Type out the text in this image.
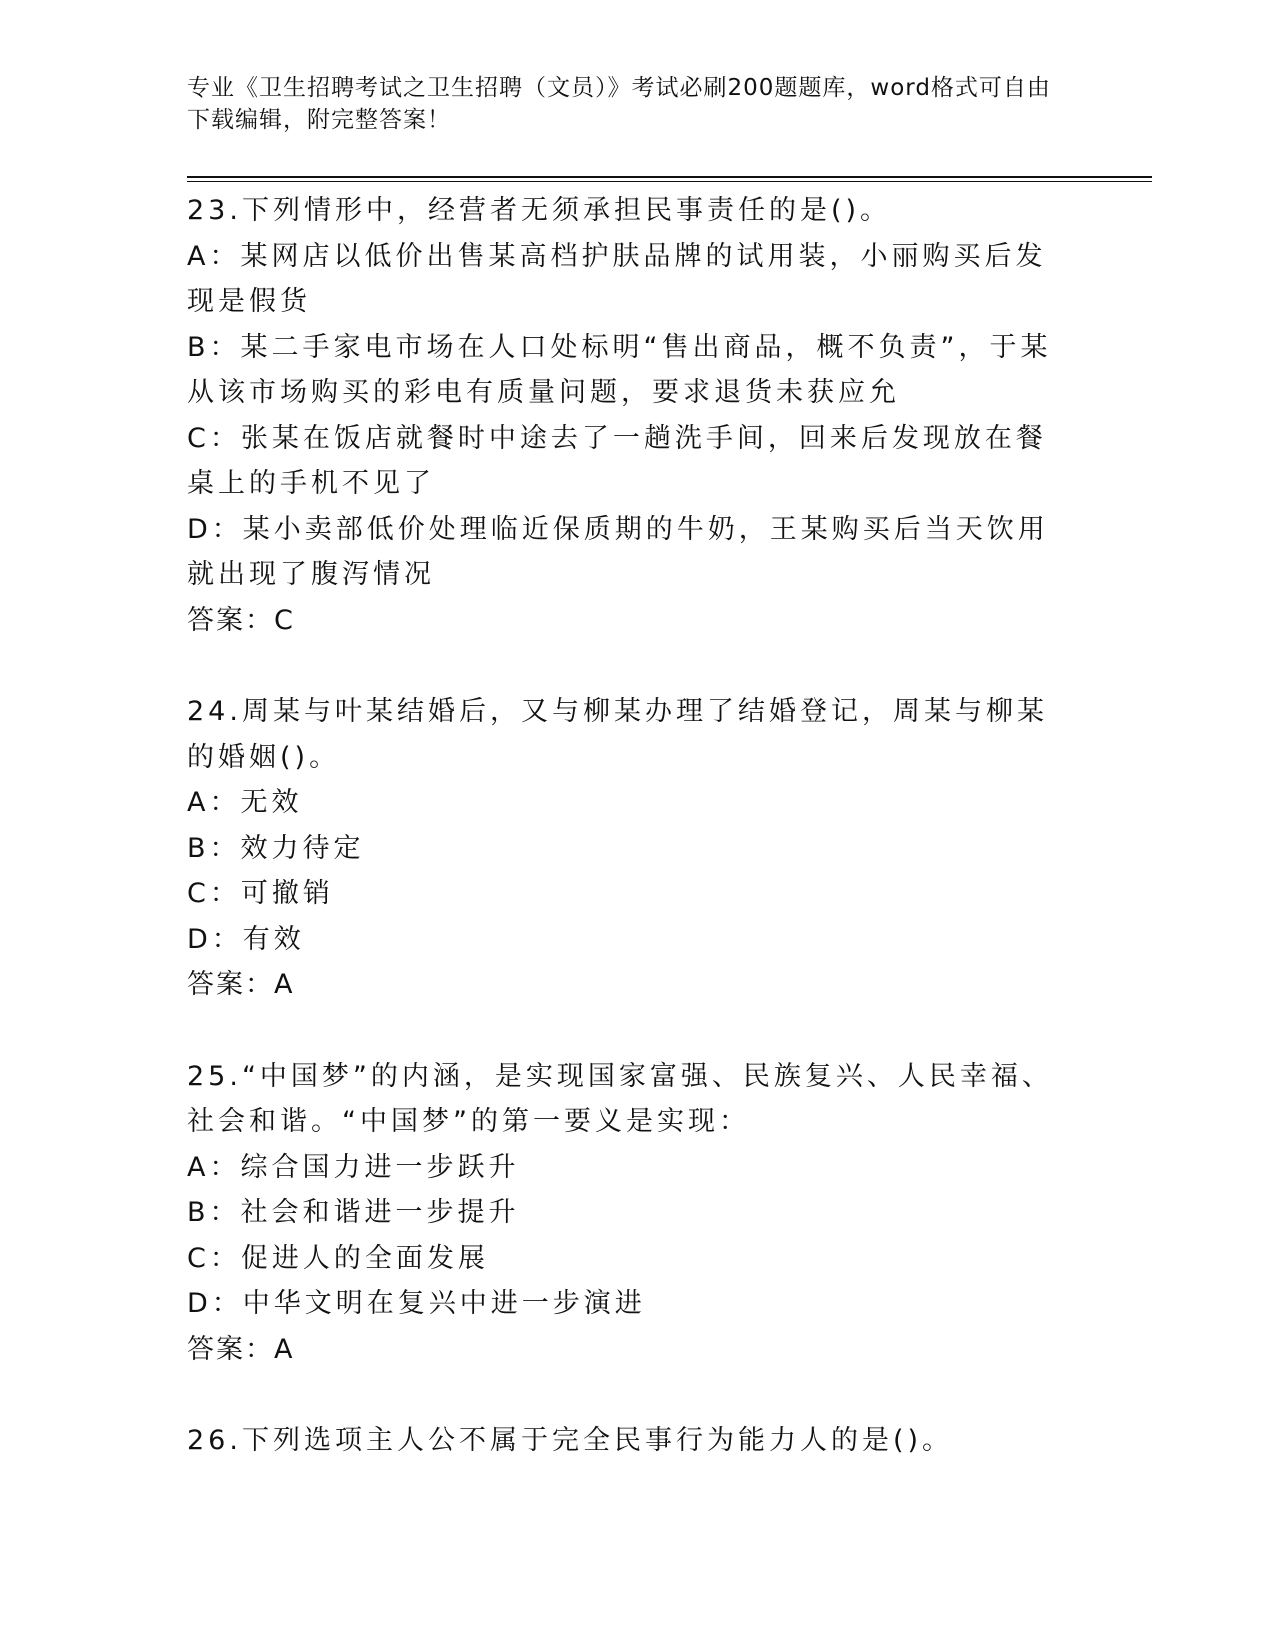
专业《卫生招聘考试之卫生招聘（文员）》考试必刷200题题库，word格式可自由下载编辑，附完整答案！

23.下列情形中，经营者无须承担民事责任的是()。

A：某网店以低价出售某高档护肤品牌的试用装，小丽购买后发现是假货

B：某二手家电市场在人口处标明“售出商品，概不负责”，于某从该市场购买的彩电有质量问题，要求退货未获应允

C：张某在饭店就餐时中途去了一趟洗手间，回来后发现放在餐桌上的手机不见了

D：某小卖部低价处理临近保质期的牛奶，王某购买后当天饮用就出现了腹泻情况

答案：C

24.周某与叶某结婚后，又与柳某办理了结婚登记，周某与柳某的婚姻()。

A：无效

B：效力待定

C：可撤销

D：有效

答案：A

25.“中国梦”的内涵，是实现国家富强、民族复兴、人民幸福、社会和谐。“中国梦”的第一要义是实现：

A：综合国力进一步跃升

B：社会和谐进一步提升

C：促进人的全面发展

D：中华文明在复兴中进一步演进

答案：A

26.下列选项主人公不属于完全民事行为能力人的是()。
